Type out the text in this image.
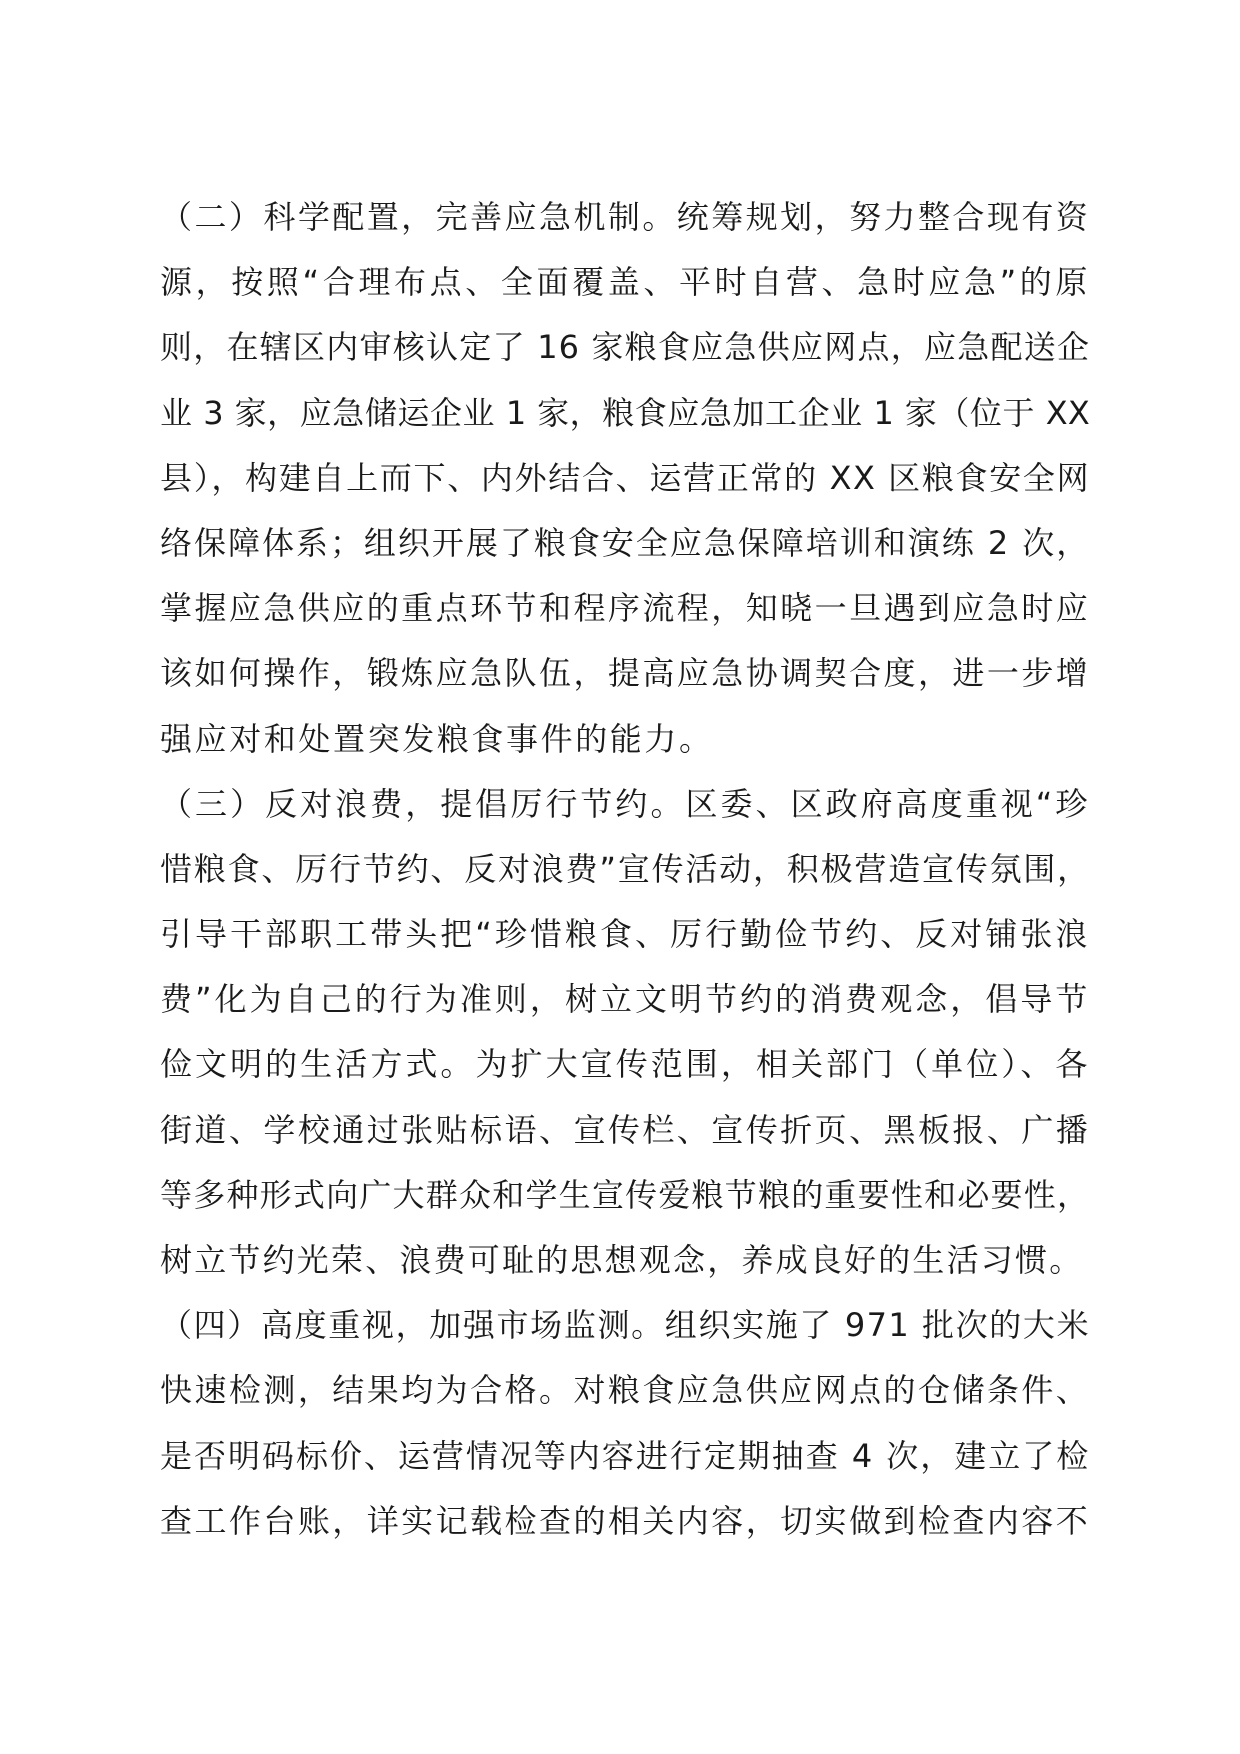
（二）科学配置，完善应急机制。统筹规划，努力整合现有资
源，按照“合理布点、全面覆盖、平时自营、急时应急”的原
则，在辖区内审核认定了 16 家粮食应急供应网点，应急配送企
业 3 家，应急储运企业 1 家，粮食应急加工企业 1 家（位于 XX
县），构建自上而下、内外结合、运营正常的 XX 区粮食安全网
络保障体系；组织开展了粮食安全应急保障培训和演练 2 次，
掌握应急供应的重点环节和程序流程，知晓一旦遇到应急时应
该如何操作，锻炼应急队伍，提高应急协调契合度，进一步增
强应对和处置突发粮食事件的能力。
（三）反对浪费，提倡厉行节约。区委、区政府高度重视“珍
惜粮食、厉行节约、反对浪费”宣传活动，积极营造宣传氛围，
引导干部职工带头把“珍惜粮食、厉行勤俭节约、反对铺张浪
费”化为自己的行为准则，树立文明节约的消费观念，倡导节
俭文明的生活方式。为扩大宣传范围，相关部门（单位）、各
街道、学校通过张贴标语、宣传栏、宣传折页、黑板报、广播
等多种形式向广大群众和学生宣传爱粮节粮的重要性和必要性，
树立节约光荣、浪费可耻的思想观念，养成良好的生活习惯。
（四）高度重视，加强市场监测。组织实施了 971 批次的大米
快速检测，结果均为合格。对粮食应急供应网点的仓储条件、
是否明码标价、运营情况等内容进行定期抽查 4 次，建立了检
查工作台账，详实记载检查的相关内容，切实做到检查内容不
